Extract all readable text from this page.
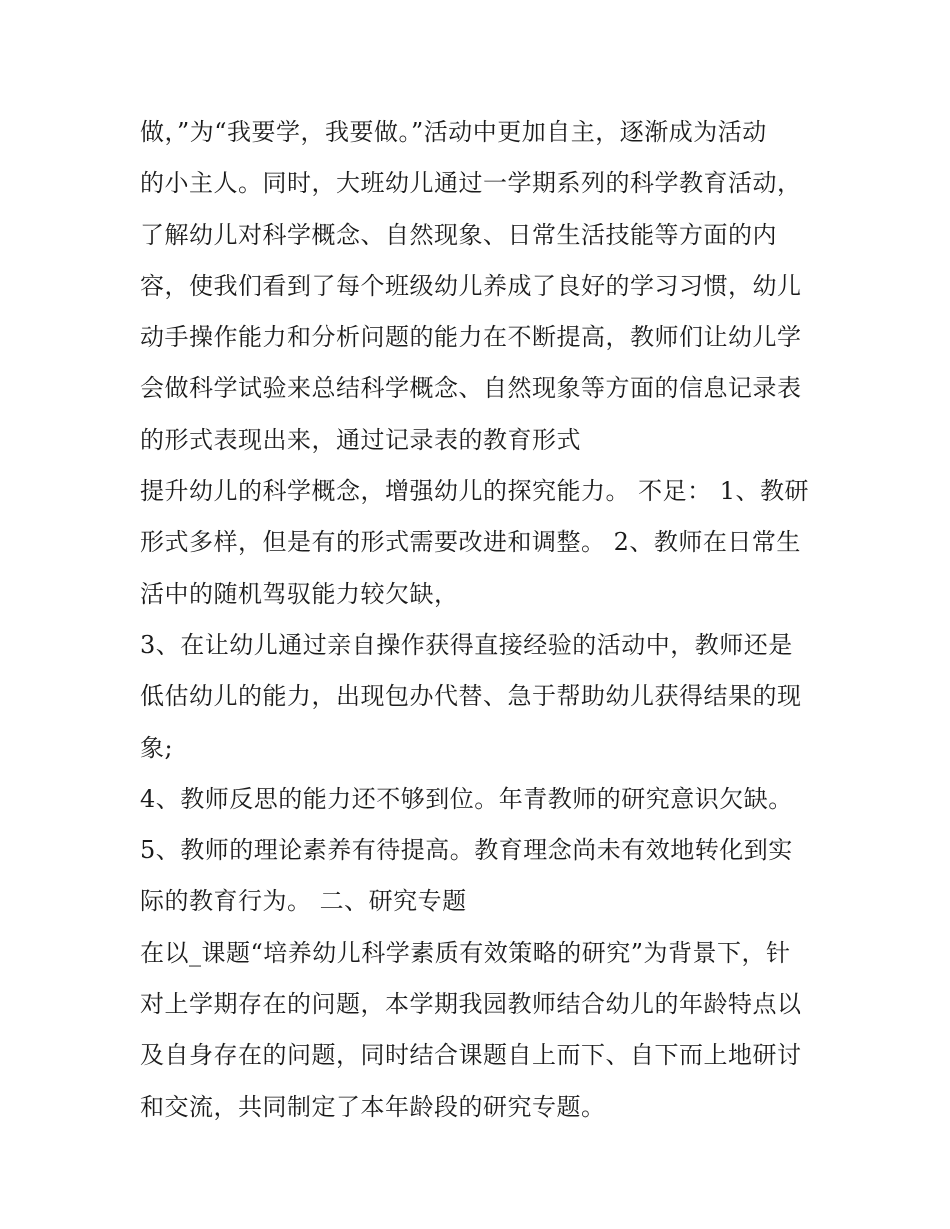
做，”为“我要学，我要做。”活动中更加自主，逐渐成为活动
的小主人。同时，大班幼儿通过一学期系列的科学教育活动，
了解幼儿对科学概念、自然现象、日常生活技能等方面的内
容，使我们看到了每个班级幼儿养成了良好的学习习惯，幼儿
动手操作能力和分析问题的能力在不断提高，教师们让幼儿学
会做科学试验来总结科学概念、自然现象等方面的信息记录表
的形式表现出来，通过记录表的教育形式
提升幼儿的科学概念，增强幼儿的探究能力。 不足： 1、教研
形式多样，但是有的形式需要改进和调整。 2、教师在日常生
活中的随机驾驭能力较欠缺，
3、在让幼儿通过亲自操作获得直接经验的活动中，教师还是
低估幼儿的能力，出现包办代替、急于帮助幼儿获得结果的现
象;
4、教师反思的能力还不够到位。年青教师的研究意识欠缺。
5、教师的理论素养有待提高。教育理念尚未有效地转化到实
际的教育行为。 二、研究专题
在以_课题“培养幼儿科学素质有效策略的研究”为背景下，针
对上学期存在的问题，本学期我园教师结合幼儿的年龄特点以
及自身存在的问题，同时结合课题自上而下、自下而上地研讨
和交流，共同制定了本年龄段的研究专题。
